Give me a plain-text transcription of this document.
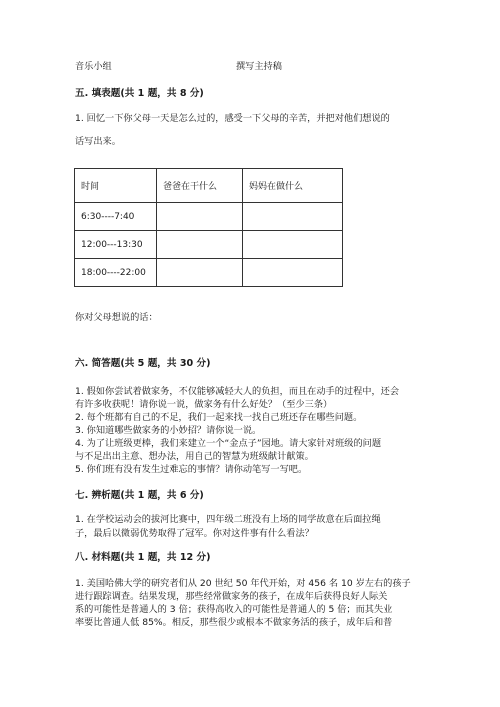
音乐小组	撰写主持稿
五. 填表题(共 1 题，共 8 分)
1. 回忆一下你父母一天是怎么过的，感受一下父母的辛苦，并把对他们想说的
话写出来。
时间	爸爸在干什么	妈妈在做什么
6:30----7:40		
12:00---13:30		
18:00----22:00		
你对父母想说的话：
六. 简答题(共 5 题，共 30 分)
1. 假如你尝试着做家务，不仅能够减轻大人的负担，而且在动手的过程中，还会
有许多收获呢！请你说一说，做家务有什么好处？（至少三条）
2. 每个班都有自己的不足，我们一起来找一找自己班还存在哪些问题。
3. 你知道哪些做家务的小妙招？请你说一说。
4. 为了让班级更棒，我们来建立一个“金点子”园地。请大家针对班级的问题
与不足出出主意、想办法，用自己的智慧为班级献计献策。
5. 你们班有没有发生过难忘的事情？请你动笔写一写吧。
七. 辨析题(共 1 题，共 6 分)
1. 在学校运动会的拔河比赛中，四年级二班没有上场的同学故意在后面拉绳
子，最后以微弱优势取得了冠军。你对这件事有什么看法？
八. 材料题(共 1 题，共 12 分)
1. 美国哈佛大学的研究者们从 20 世纪 50 年代开始，对 456 名 10 岁左右的孩子
进行跟踪调查。结果发现，那些经常做家务的孩子，在成年后获得良好人际关
系的可能性是普通人的 3 倍；获得高收入的可能性是普通人的 5 倍；而其失业
率要比普通人低 85%。相反，那些很少或根本不做家务活的孩子，成年后和普
